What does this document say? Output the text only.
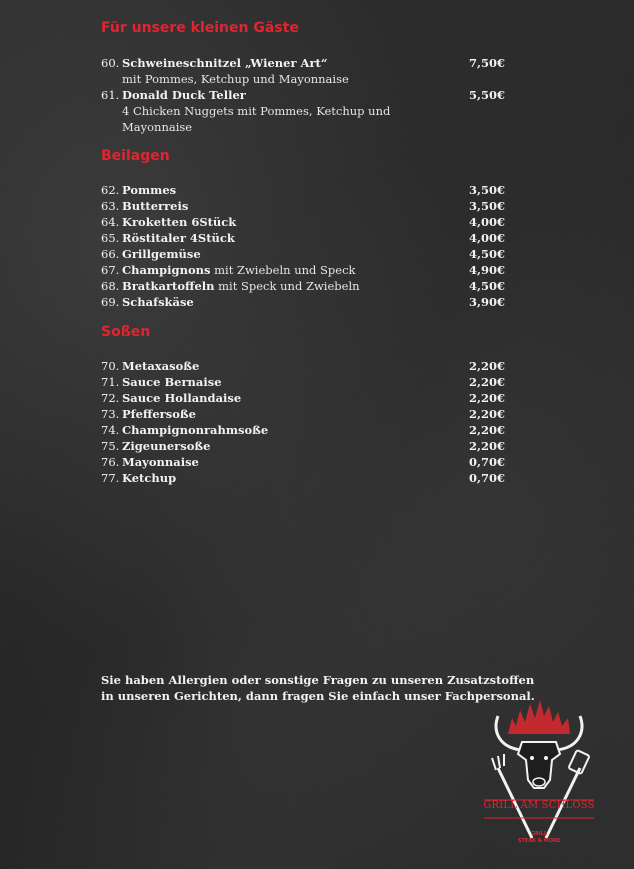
Für unsere kleinen Gäste
60. Schweineschnitzel „Wiener Art“	7,50€
mit Pommes, Ketchup und Mayonnaise
61. Donald Duck Teller	5,50€
4 Chicken Nuggets mit Pommes, Ketchup und
Mayonnaise
Beilagen
62. Pommes	3,50€
63. Butterreis	3,50€
64. Kroketten 6Stück	4,00€
65. Röstitaler 4Stück	4,00€
66. Grillgemüse	4,50€
67. Champignons mit Zwiebeln und Speck	4,90€
68. Bratkartoffeln mit Speck und Zwiebeln	4,50€
69. Schafskäse	3,90€
Soßen
70. Metaxasoße	2,20€
71. Sauce Bernaise	2,20€
72. Sauce Hollandaise	2,20€
73. Pfeffersoße	2,20€
74. Champignonrahmsoße	2,20€
75. Zigeunersoße	2,20€
76. Mayonnaise	0,70€
77. Ketchup	0,70€

Sie haben Allergien oder sonstige Fragen zu unseren Zusatzstoffen
in unseren Gerichten, dann fragen Sie einfach unser Fachpersonal.

GRILL AM SCHLOSS
GRILL
STEAK & MORE
